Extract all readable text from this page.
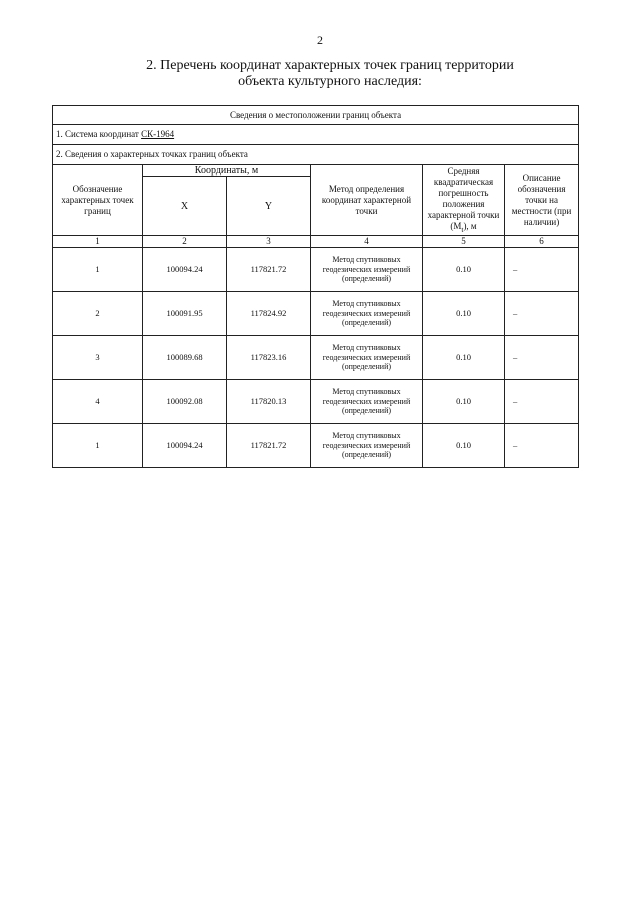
2
2. Перечень координат характерных точек границ территории
объекта культурного наследия:
Сведения о местоположении границ объекта					
1. Система координат СК-1964					
2. Сведения о характерных точках границ объекта					
Обозначение характерных точек границ	Координаты, м		Метод определения координат характерной точки	Средняя квадратическая погрешность положения характерной точки $(M_t)$, м	Описание обозначения точки на местности (при наличии)
	X	Y			
1	2	3	4	5	6
1	100094.24	117821.72	Метод спутниковых геодезических измерений (определений)	0.10	–
2	100091.95	117824.92	Метод спутниковых геодезических измерений (определений)	0.10	–
3	100089.68	117823.16	Метод спутниковых геодезических измерений (определений)	0.10	–
4	100092.08	117820.13	Метод спутниковых геодезических измерений (определений)	0.10	–
1	100094.24	117821.72	Метод спутниковых геодезических измерений (определений)	0.10	–
